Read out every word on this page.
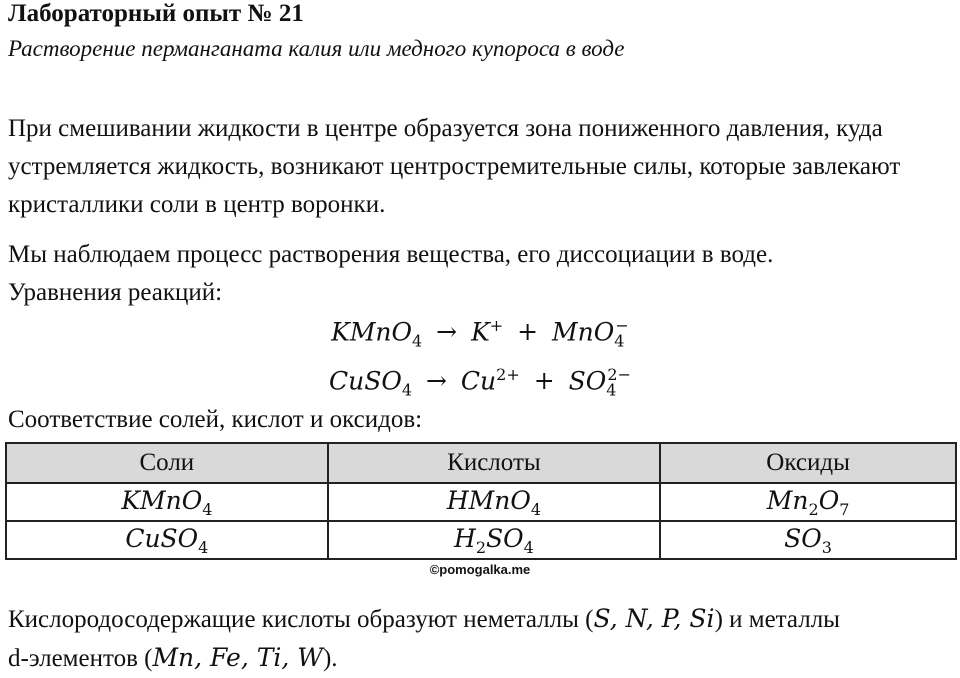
Лабораторный опыт № 21
Растворение перманганата калия или медного купороса в воде
При смешивании жидкости в центре образуется зона пониженного давления, куда устремляется жидкость, возникают центростремительные силы, которые завлекают кристаллики соли в центр воронки.
Мы наблюдаем процесс растворения вещества, его диссоциации в воде.
Уравнения реакций:
KMnO$_4$ → K+ + MnO$_4$−
CuSO$_4$ → $Cu^{2+} + SO_4^{2-}$
Соответствие солей, кислот и оксидов:
Соли	Кислоты	Оксиды
KMnO$_4$	HMnO$_4$	$Mn_2O_7$
CuSO$_4$	$H_2SO_4$	$SO_3$
©pomogalka.me
Кислородосодержащие кислоты образуют неметаллы (S, N, P, Si) и металлы
d-элементов (Mn, Fe, Ti, W).
